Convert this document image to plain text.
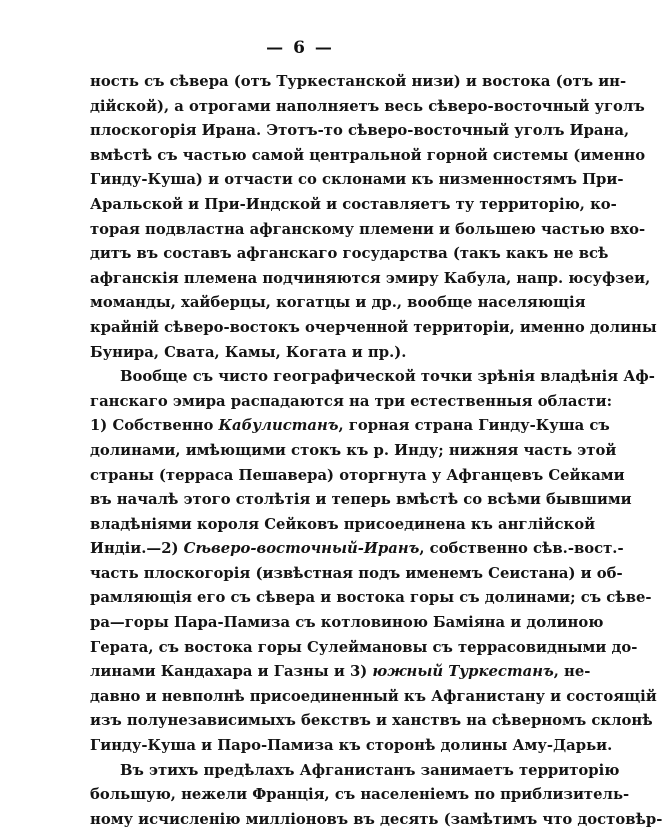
— 6 —
ность съ сѣвера (отъ Туркестанской низи) и востока (отъ ин-
дійской), а отрогами наполняетъ весь сѣверо-восточный уголъ
плоскогорія Ирана. Этотъ-то сѣверо-восточный уголъ Ирана,
вмѣстѣ съ частью самой центральной горной системы (именно
Гинду-Куша) и отчасти со склонами къ низменностямъ При-
Аральской и При-Индской и составляетъ ту территорію, ко-
торая подвластна афганскому племени и большею частью вхо-
дитъ въ составъ афганскаго государства (такъ какъ не всѣ
афганскія племена подчиняются эмиру Кабула, напр. юсуфзеи,
моманды, хайберцы, когатцы и др., вообще населяющія
крайній сѣверо-востокъ очерченной территоріи, именно долины
Бунира, Свата, Камы, Когата и пр.).
Вообще съ чисто географической точки зрѣнія владѣнія Аф-
ганскаго эмира распадаются на три естественныя области:
1) Собственно Кабулистанъ, горная страна Гинду-Куша съ
долинами, имѣющими стокъ къ р. Инду; нижняя часть этой
страны (терраса Пешавера) оторгнута у Афганцевъ Сейками
въ началѣ этого столѣтія и теперь вмѣстѣ со всѣми бывшими
владѣніями короля Сейковъ присоединена къ англійской
Индіи.—2) Сѣверо-восточный-Иранъ, собственно сѣв.-вост.-
часть плоскогорія (извѣстная подъ именемъ Сеистана) и об-
рамляющія его съ сѣвера и востока горы съ долинами; съ сѣве-
ра—горы Пара-Памиза съ котловиною Баміяна и долиною
Герата, съ востока горы Сулеймановы съ террасовидными до-
линами Кандахара и Газны и 3) южный Туркестанъ, не-
давно и невполнѣ присоединенный къ Афганистану и состоящій
изъ полунезависимыхъ бекствъ и ханствъ на сѣверномъ склонѣ
Гинду-Куша и Паро-Памиза къ сторонѣ долины Аму-Дарьи.
Въ этихъ предѣлахъ Афганистанъ занимаетъ территорію
большую, нежели Франція, съ населеніемъ по приблизитель-
ному исчисленію милліоновъ въ десять (замѣтимъ что достовѣр-
